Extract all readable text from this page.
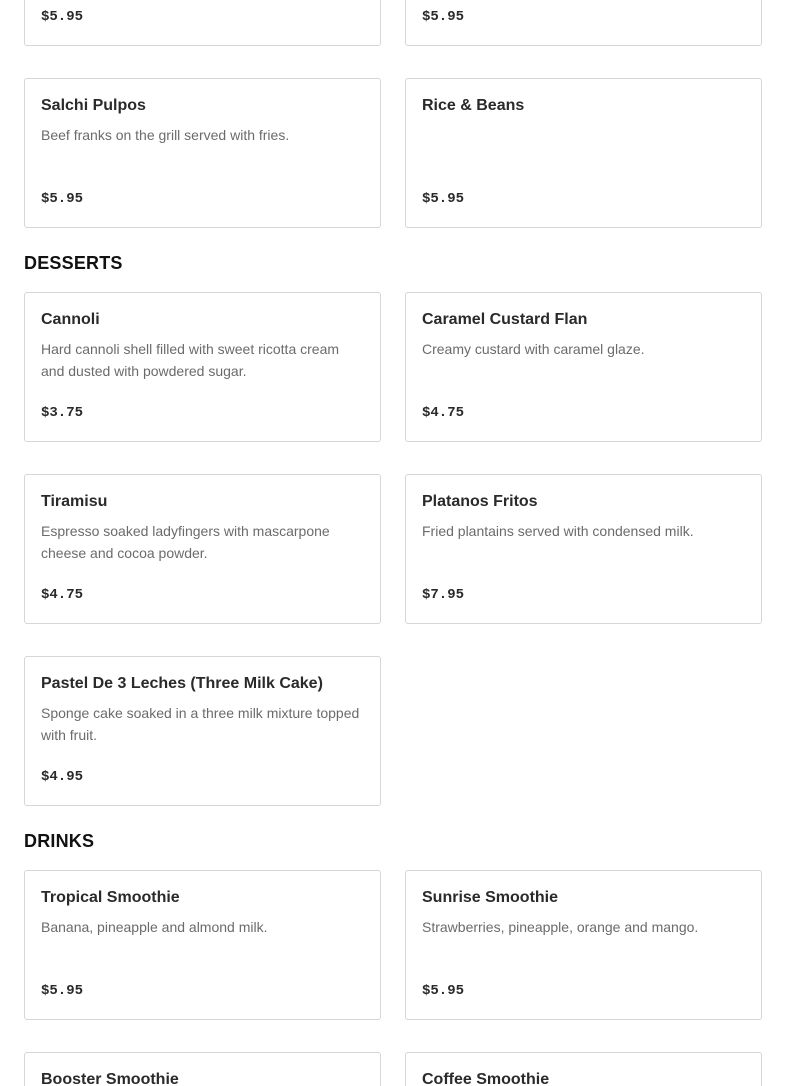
$5.95	$5.95
Salchi Pulpos
Beef franks on the grill served with fries.
$5.95
Rice & Beans
$5.95
DESSERTS
Cannoli
Hard cannoli shell filled with sweet ricotta cream and dusted with powdered sugar.
$3.75
Caramel Custard Flan
Creamy custard with caramel glaze.
$4.75
Tiramisu
Espresso soaked ladyfingers with mascarpone cheese and cocoa powder.
$4.75
Platanos Fritos
Fried plantains served with condensed milk.
$7.95
Pastel De 3 Leches (Three Milk Cake)
Sponge cake soaked in a three milk mixture topped with fruit.
$4.95
DRINKS
Tropical Smoothie
Banana, pineapple and almond milk.
$5.95
Sunrise Smoothie
Strawberries, pineapple, orange and mango.
$5.95
Booster Smoothie	Coffee Smoothie
